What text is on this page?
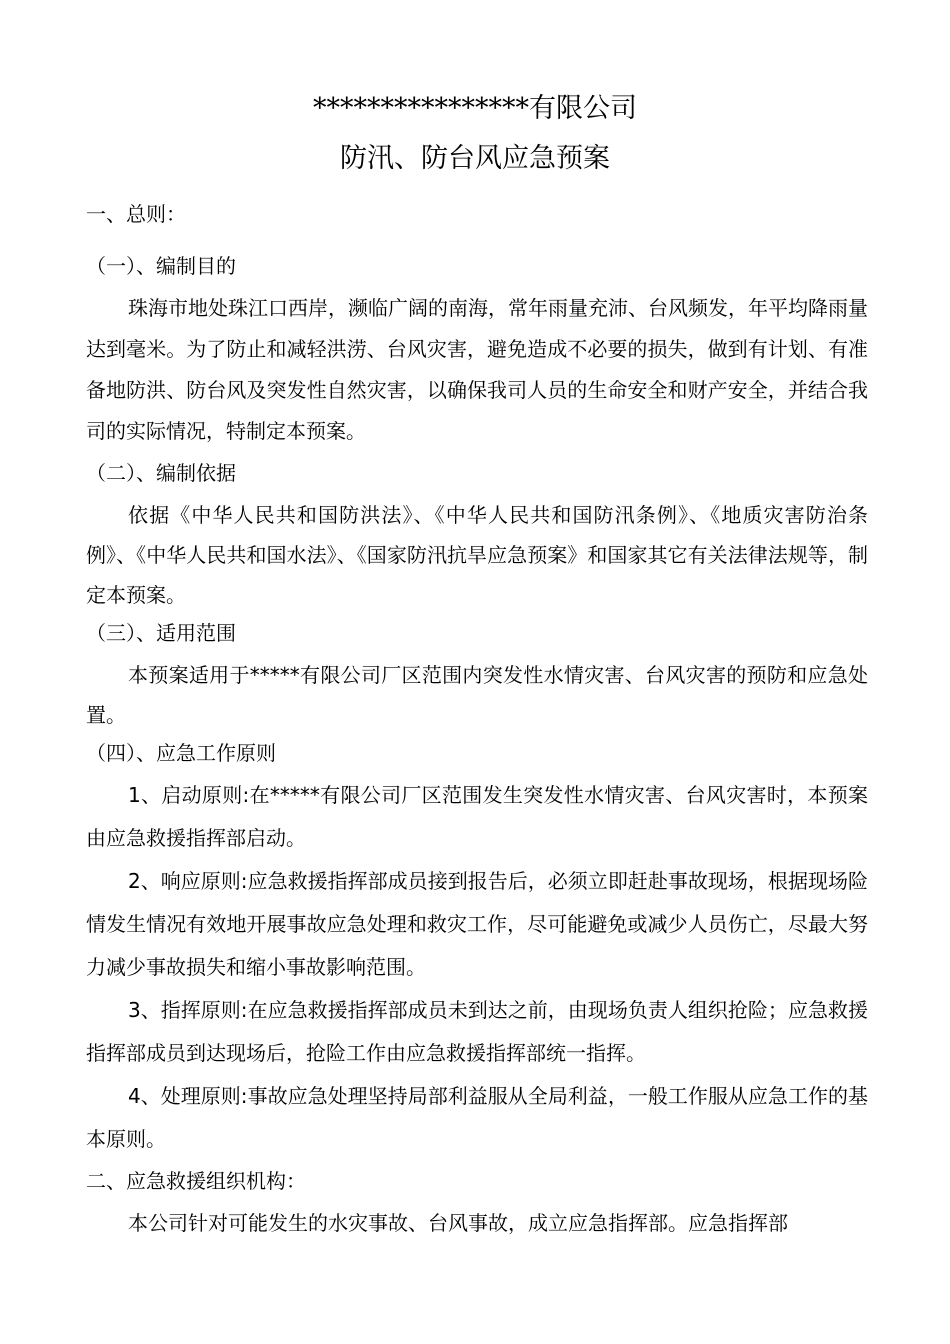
****************有限公司
防汛、防台风应急预案
一、总则：
（一）、编制目的

珠海市地处珠江口西岸，濒临广阔的南海，常年雨量充沛、台风频发，年平均降雨量达到毫米。为了防止和减轻洪涝、台风灾害，避免造成不必要的损失，做到有计划、有准备地防洪、防台风及突发性自然灾害，以确保我司人员的生命安全和财产安全，并结合我司的实际情况，特制定本预案。

（二）、编制依据

依据《中华人民共和国防洪法》、《中华人民共和国防汛条例》、《地质灾害防治条例》、《中华人民共和国水法》、《国家防汛抗旱应急预案》和国家其它有关法律法规等，制定本预案。

（三）、适用范围

本预案适用于*****有限公司厂区范围内突发性水情灾害、台风灾害的预防和应急处置。

（四）、应急工作原则

1、启动原则:在*****有限公司厂区范围发生突发性水情灾害、台风灾害时，本预案由应急救援指挥部启动。

2、响应原则:应急救援指挥部成员接到报告后，必须立即赶赴事故现场，根据现场险情发生情况有效地开展事故应急处理和救灾工作，尽可能避免或减少人员伤亡，尽最大努力减少事故损失和缩小事故影响范围。

3、指挥原则:在应急救援指挥部成员未到达之前，由现场负责人组织抢险；应急救援指挥部成员到达现场后，抢险工作由应急救援指挥部统一指挥。

4、处理原则:事故应急处理坚持局部利益服从全局利益，一般工作服从应急工作的基本原则。

二、应急救援组织机构：

本公司针对可能发生的水灾事故、台风事故，成立应急指挥部。应急指挥部
